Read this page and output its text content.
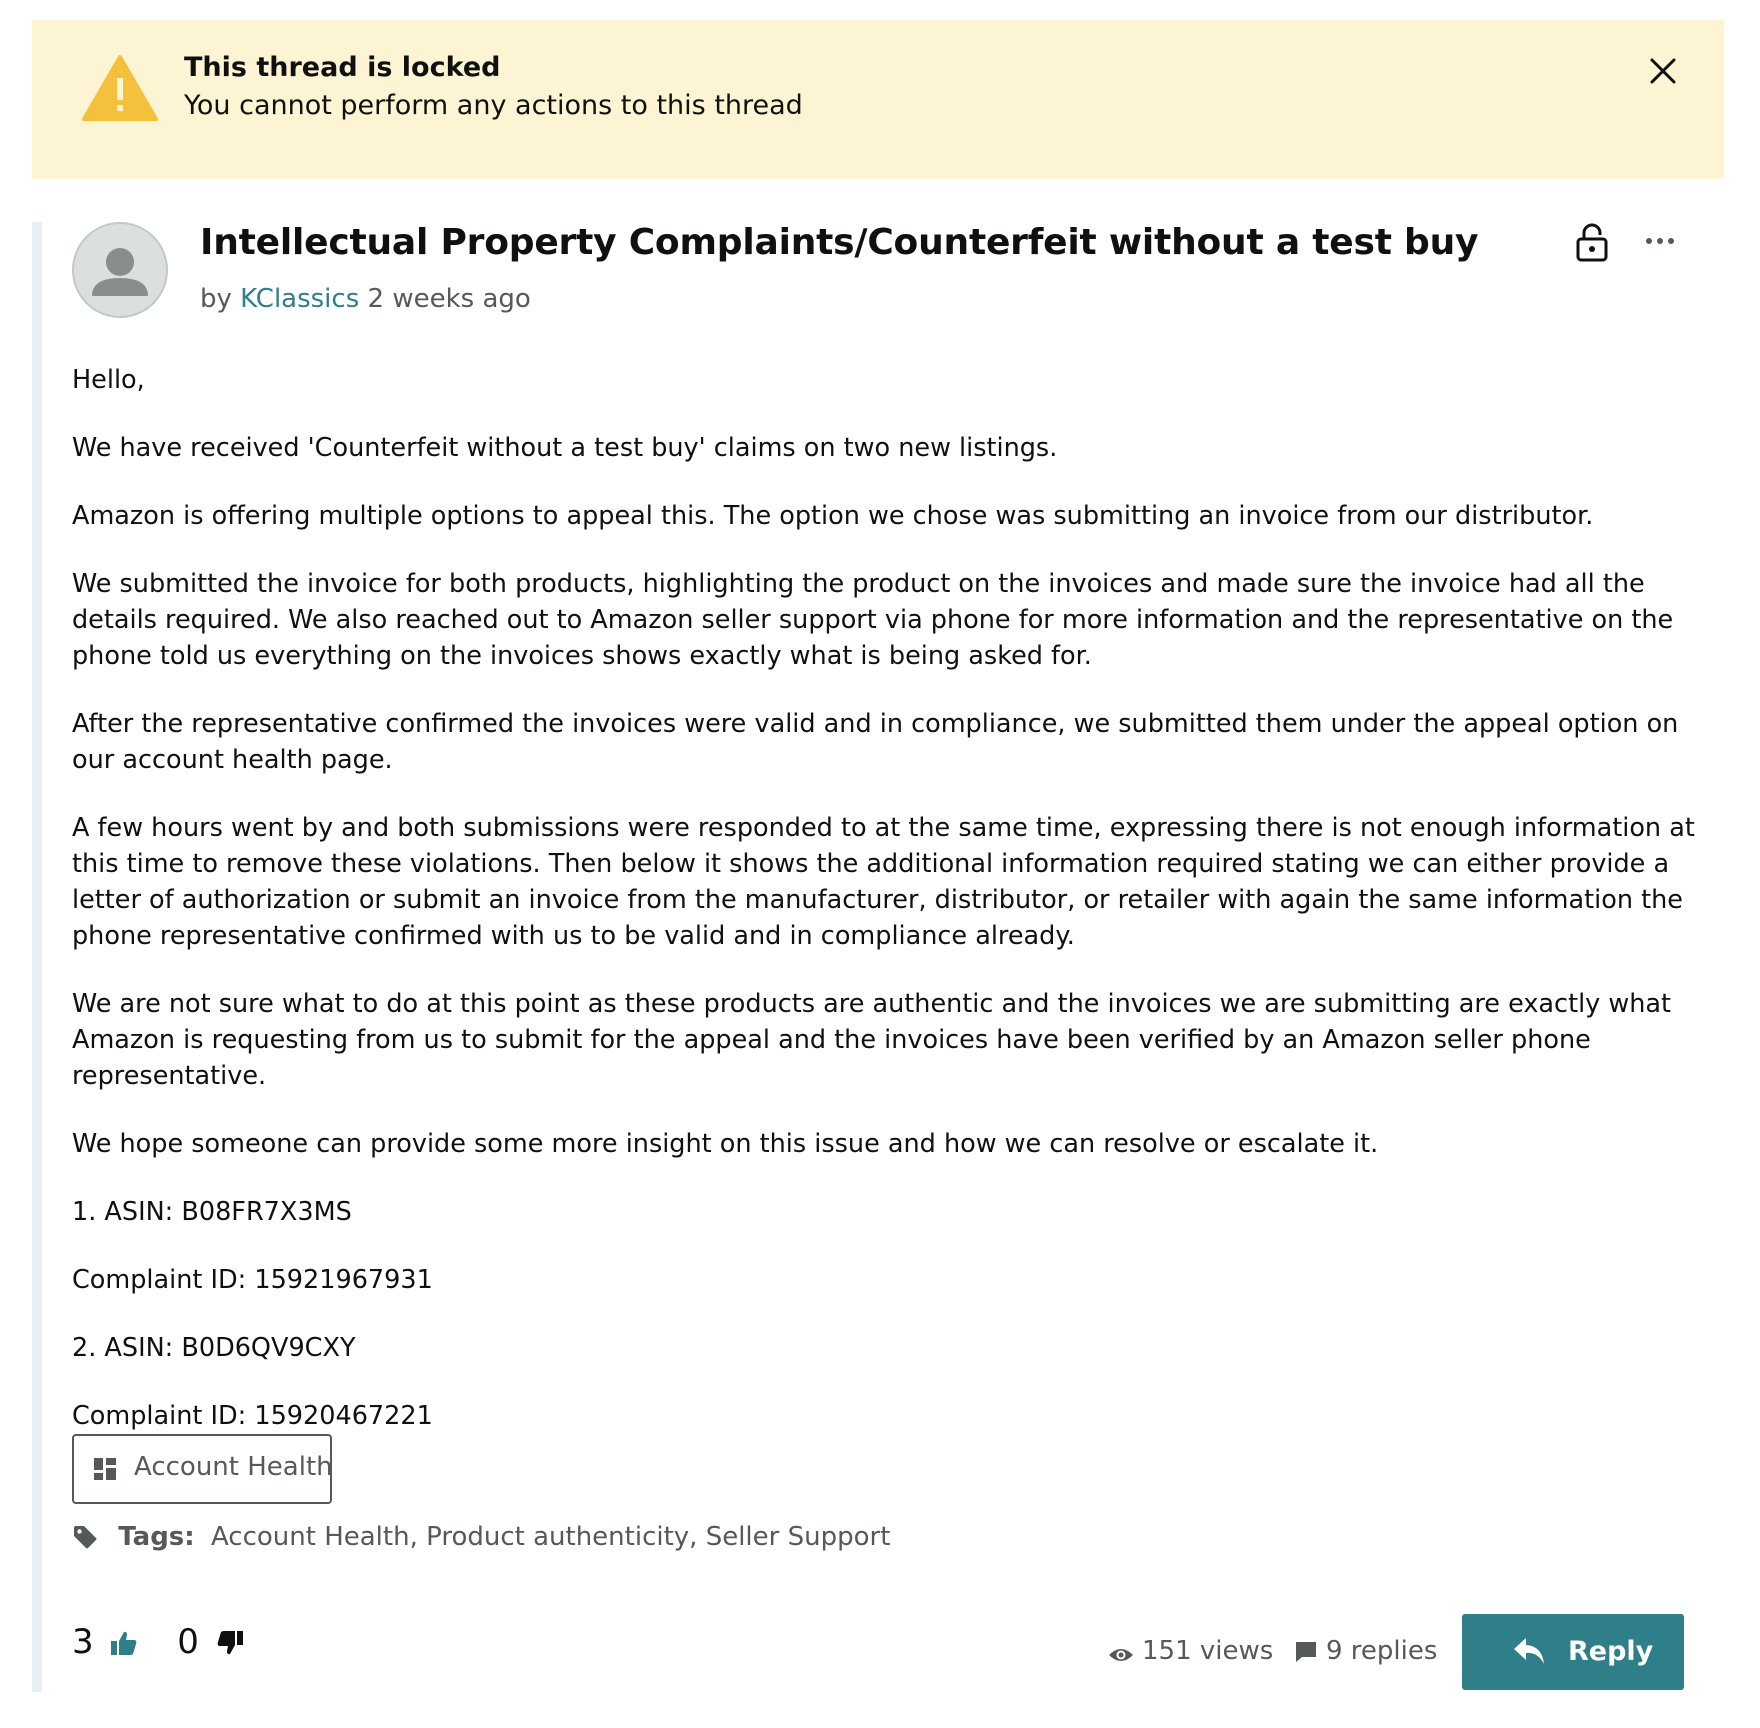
This thread is locked
You cannot perform any actions to this thread
Intellectual Property Complaints/Counterfeit without a test buy
by KClassics 2 weeks ago

Hello,

We have received 'Counterfeit without a test buy' claims on two new listings.

Amazon is offering multiple options to appeal this. The option we chose was submitting an invoice from our distributor.

We submitted the invoice for both products, highlighting the product on the invoices and made sure the invoice had all the details required. We also reached out to Amazon seller support via phone for more information and the representative on the phone told us everything on the invoices shows exactly what is being asked for.

After the representative confirmed the invoices were valid and in compliance, we submitted them under the appeal option on our account health page.

A few hours went by and both submissions were responded to at the same time, expressing there is not enough information at this time to remove these violations. Then below it shows the additional information required stating we can either provide a letter of authorization or submit an invoice from the manufacturer, distributor, or retailer with again the same information the phone representative confirmed with us to be valid and in compliance already.

We are not sure what to do at this point as these products are authentic and the invoices we are submitting are exactly what Amazon is requesting from us to submit for the appeal and the invoices have been verified by an Amazon seller phone representative.

We hope someone can provide some more insight on this issue and how we can resolve or escalate it.

1. ASIN: B08FR7X3MS

Complaint ID: 15921967931

2. ASIN: B0D6QV9CXY

Complaint ID: 15920467221

Account Health
Tags: Account Health, Product authenticity, Seller Support
3 0	151 views	9 replies	Reply
